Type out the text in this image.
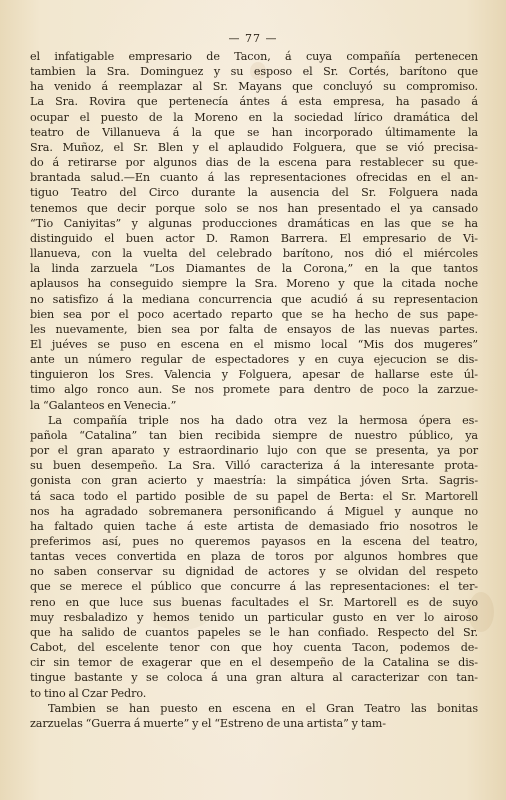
— 77 —
el infatigable empresario de Tacon, á cuya compañía pertenecen
tambien la Sra. Dominguez y su esposo el Sr. Cortés, barítono que
ha venido á reemplazar al Sr. Mayans que concluyó su compromiso.
La Sra. Rovira que pertenecía ántes á esta empresa, ha pasado á
ocupar el puesto de la Moreno en la sociedad lírico dramática del
teatro de Villanueva á la que se han incorporado últimamente la
Sra. Muñoz, el Sr. Blen y el aplaudido Folguera, que se vió precisa-
do á retirarse por algunos dias de la escena para restablecer su que-
brantada salud.—En cuanto á las representaciones ofrecidas en el an-
tiguo Teatro del Circo durante la ausencia del Sr. Folguera nada
tenemos que decir porque solo se nos han presentado el ya cansado
“Tio Caniyitas” y algunas producciones dramáticas en las que se ha
distinguido el buen actor D. Ramon Barrera. El empresario de Vi-
llanueva, con la vuelta del celebrado barítono, nos dió el miércoles
la linda zarzuela “Los Diamantes de la Corona,” en la que tantos
aplausos ha conseguido siempre la Sra. Moreno y que la citada noche
no satisfizo á la mediana concurrencia que acudió á su representacion
bien sea por el poco acertado reparto que se ha hecho de sus pape-
les nuevamente, bien sea por falta de ensayos de las nuevas partes.
El juéves se puso en escena en el mismo local “Mis dos mugeres”
ante un número regular de espectadores y en cuya ejecucion se dis-
tinguieron los Sres. Valencia y Folguera, apesar de hallarse este úl-
timo algo ronco aun. Se nos promete para dentro de poco la zarzue-
la “Galanteos en Venecia.”
La compañía triple nos ha dado otra vez la hermosa ópera es-
pañola “Catalina” tan bien recibida siempre de nuestro público, ya
por el gran aparato y estraordinario lujo con que se presenta, ya por
su buen desempeño. La Sra. Villó caracteriza á la interesante prota-
gonista con gran acierto y maestría: la simpática jóven Srta. Sagris-
tá saca todo el partido posible de su papel de Berta: el Sr. Martorell
nos ha agradado sobremanera personificando á Miguel y aunque no
ha faltado quien tache á este artista de demasiado frio nosotros le
preferimos así, pues no queremos payasos en la escena del teatro,
tantas veces convertida en plaza de toros por algunos hombres que
no saben conservar su dignidad de actores y se olvidan del respeto
que se merece el público que concurre á las representaciones: el ter-
reno en que luce sus buenas facultades el Sr. Martorell es de suyo
muy resbaladizo y hemos tenido un particular gusto en ver lo airoso
que ha salido de cuantos papeles se le han confiado. Respecto del Sr.
Cabot, del escelente tenor con que hoy cuenta Tacon, podemos de-
cir sin temor de exagerar que en el desempeño de la Catalina se dis-
tingue bastante y se coloca á una gran altura al caracterizar con tan-
to tino al Czar Pedro.
Tambien se han puesto en escena en el Gran Teatro las bonitas
zarzuelas “Guerra á muerte” y el “Estreno de una artista” y tam-
